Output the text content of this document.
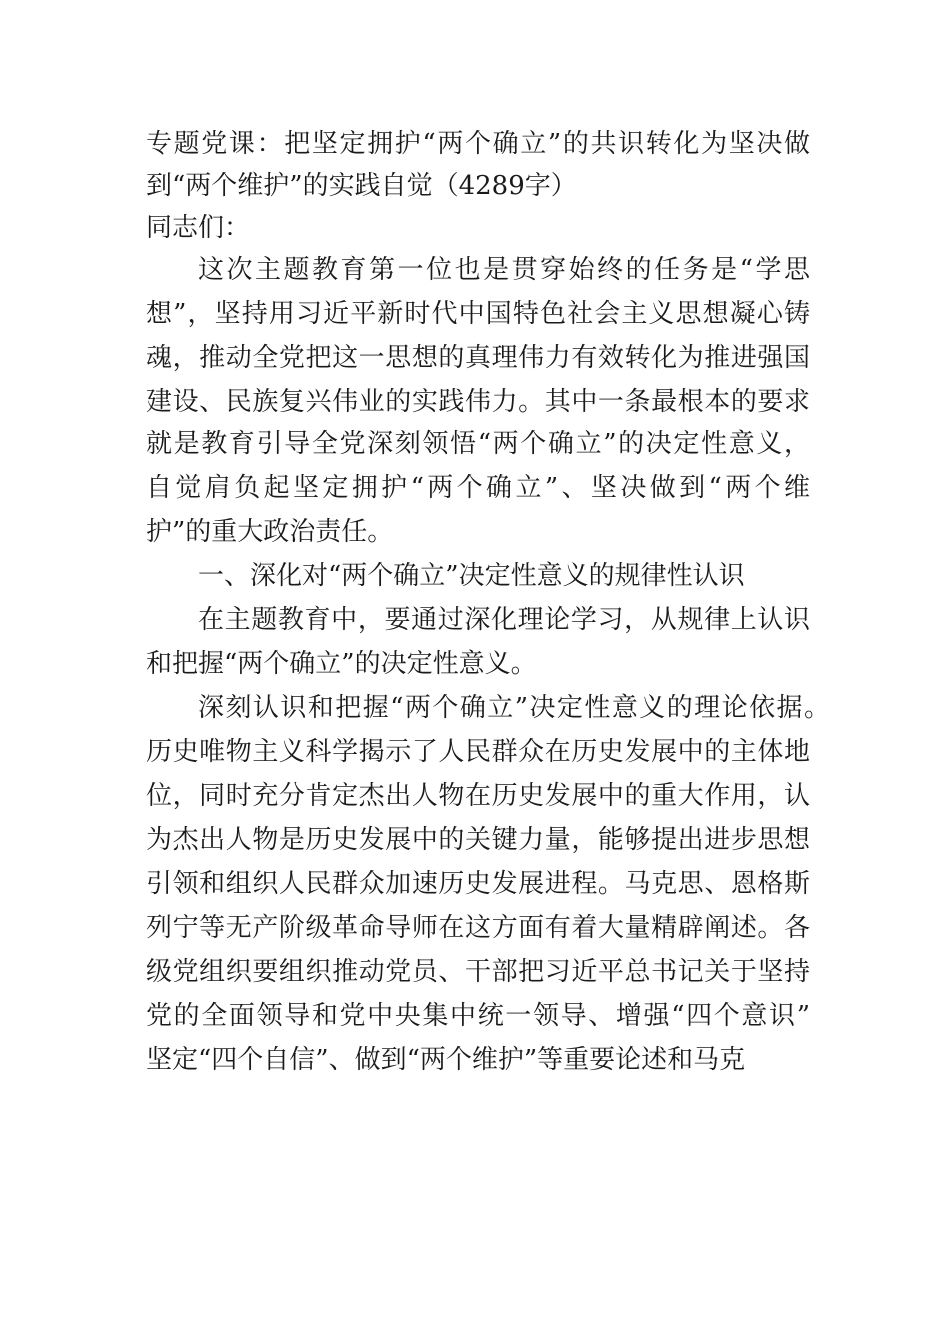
专题党课：把坚定拥护“两个确立”的共识转化为坚决做
到“两个维护”的实践自觉（4289字）
同志们：
这次主题教育第一位也是贯穿始终的任务是“学思
想”，坚持用习近平新时代中国特色社会主义思想凝心铸
魂，推动全党把这一思想的真理伟力有效转化为推进强国
建设、民族复兴伟业的实践伟力。其中一条最根本的要求
就是教育引导全党深刻领悟“两个确立”的决定性意义，
自觉肩负起坚定拥护“两个确立”、坚决做到“两个维
护”的重大政治责任。
一、深化对“两个确立”决定性意义的规律性认识
在主题教育中，要通过深化理论学习，从规律上认识
和把握“两个确立”的决定性意义。
深刻认识和把握“两个确立”决定性意义的理论依据。
历史唯物主义科学揭示了人民群众在历史发展中的主体地
位，同时充分肯定杰出人物在历史发展中的重大作用，认
为杰出人物是历史发展中的关键力量，能够提出进步思想
引领和组织人民群众加速历史发展进程。马克思、恩格斯
列宁等无产阶级革命导师在这方面有着大量精辟阐述。各
级党组织要组织推动党员、干部把习近平总书记关于坚持
党的全面领导和党中央集中统一领导、增强“四个意识”
坚定“四个自信”、做到“两个维护”等重要论述和马克
